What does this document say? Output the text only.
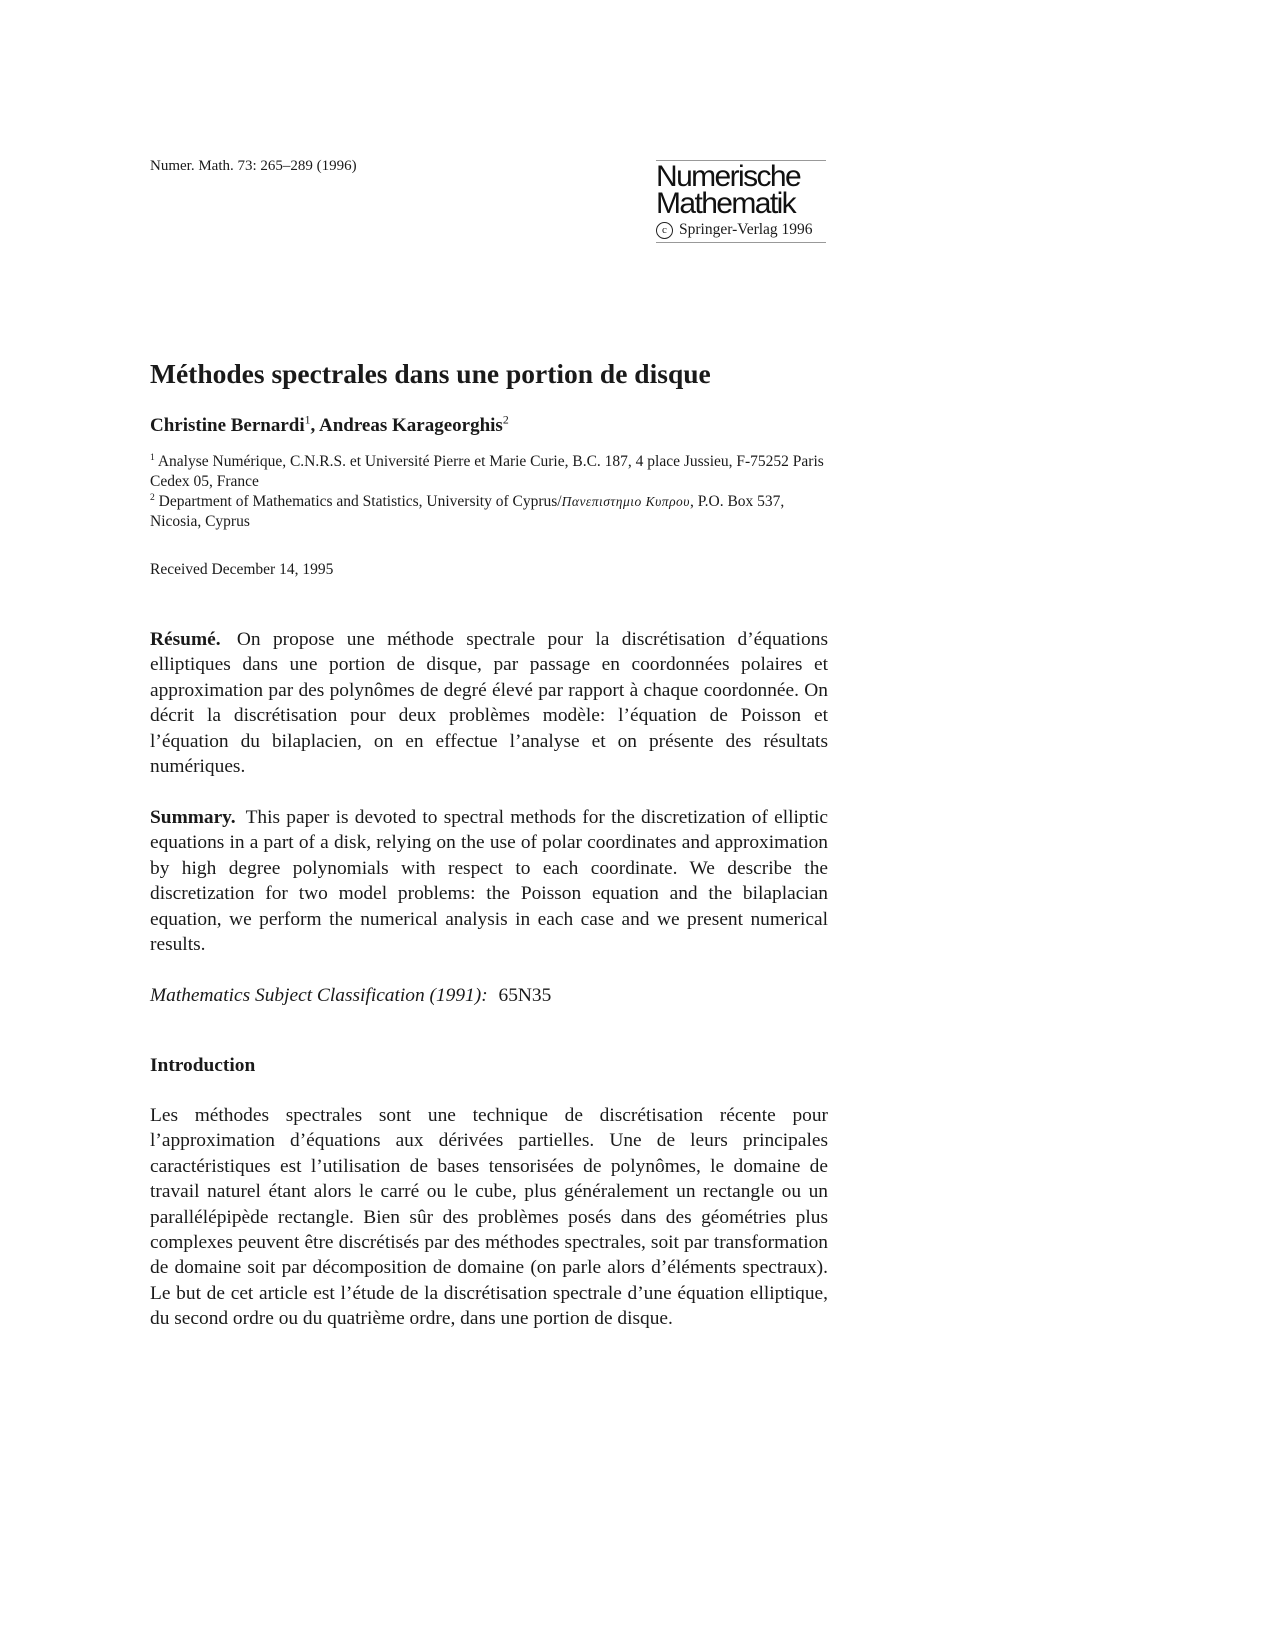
Numer. Math. 73: 265–289 (1996)	Numerische
Mathematik
c Springer-Verlag 1996
Méthodes spectrales dans une portion de disque
Christine Bernardi$^1$, Andreas Karageorghis$^2$
$^1$ Analyse Numérique, C.N.R.S. et Université Pierre et Marie Curie, B.C. 187, 4 place Jussieu, F-75252 Paris Cedex 05, France
$^2$ Department of Mathematics and Statistics, University of Cyprus/Πανεπιστημιο Κυπρου, P.O. Box 537, Nicosia, Cyprus
Received December 14, 1995
Résumé. On propose une méthode spectrale pour la discrétisation d’équations elliptiques dans une portion de disque, par passage en coordonnées polaires et approximation par des polynômes de degré élevé par rapport à chaque coordonnée. On décrit la discrétisation pour deux problèmes modèle: l’équation de Poisson et l’équation du bilaplacien, on en effectue l’analyse et on présente des résultats numériques.
Summary. This paper is devoted to spectral methods for the discretization of elliptic equations in a part of a disk, relying on the use of polar coordinates and approximation by high degree polynomials with respect to each coordinate. We describe the discretization for two model problems: the Poisson equation and the bilaplacian equation, we perform the numerical analysis in each case and we present numerical results.
Mathematics Subject Classification (1991): 65N35
Introduction
Les méthodes spectrales sont une technique de discrétisation récente pour l’approximation d’équations aux dérivées partielles. Une de leurs principales caractéristiques est l’utilisation de bases tensorisées de polynômes, le domaine de travail naturel étant alors le carré ou le cube, plus généralement un rectangle ou un parallélépipède rectangle. Bien sûr des problèmes posés dans des géométries plus complexes peuvent être discrétisés par des méthodes spectrales, soit par transformation de domaine soit par décomposition de domaine (on parle alors d’éléments spectraux). Le but de cet article est l’étude de la discrétisation spectrale d’une équation elliptique, du second ordre ou du quatrième ordre, dans une portion de disque.
